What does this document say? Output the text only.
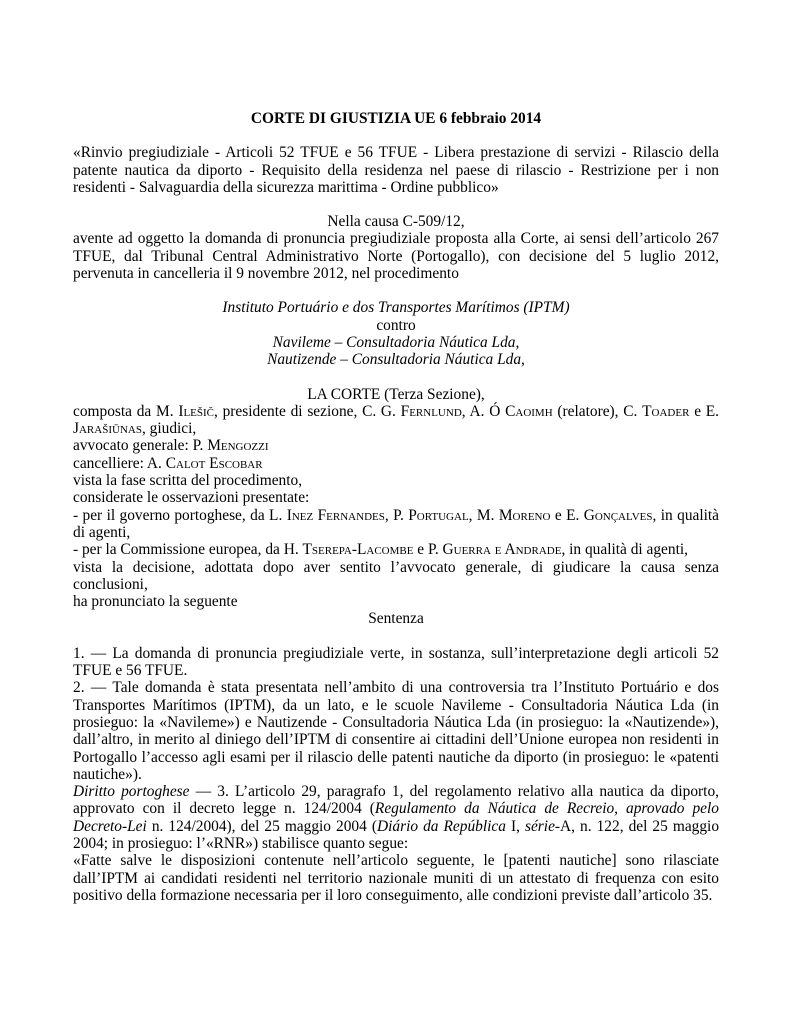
CORTE DI GIUSTIZIA UE 6 febbraio 2014

«Rinvio pregiudiziale - Articoli 52 TFUE e 56 TFUE - Libera prestazione di servizi - Rilascio della patente nautica da diporto - Requisito della residenza nel paese di rilascio - Restrizione per i non residenti - Salvaguardia della sicurezza marittima - Ordine pubblico»

Nella causa C‑509/12,

avente ad oggetto la domanda di pronuncia pregiudiziale proposta alla Corte, ai sensi dell’articolo 267 TFUE, dal Tribunal Central Administrativo Norte (Portogallo), con decisione del 5 luglio 2012, pervenuta in cancelleria il 9 novembre 2012, nel procedimento

Instituto Portuário e dos Transportes Marítimos (IPTM)

contro

Navileme – Consultadoria Náutica Lda,

Nautizende – Consultadoria Náutica Lda,

LA CORTE (Terza Sezione),

composta da M. Ilešič, presidente di sezione, C. G. Fernlund, A. Ó Caoimh (relatore), C. Toader e E. Jarašiūnas, giudici,

avvocato generale: P. Mengozzi

cancelliere: A. Calot Escobar

vista la fase scritta del procedimento,

considerate le osservazioni presentate:

- per il governo portoghese, da L. Inez Fernandes, P. Portugal, M. Moreno e E. Gonçalves, in qualità di agenti,

- per la Commissione europea, da H. Tserepa‑Lacombe e P. Guerra e Andrade, in qualità di agenti,

vista la decisione, adottata dopo aver sentito l’avvocato generale, di giudicare la causa senza conclusioni,

ha pronunciato la seguente

Sentenza

1. — La domanda di pronuncia pregiudiziale verte, in sostanza, sull’interpretazione degli articoli 52 TFUE e 56 TFUE.

2. — Tale domanda è stata presentata nell’ambito di una controversia tra l’Instituto Portuário e dos Transportes Marítimos (IPTM), da un lato, e le scuole Navileme - Consultadoria Náutica Lda (in prosieguo: la «Navileme») e Nautizende - Consultadoria Náutica Lda (in prosieguo: la «Nautizende»), dall’altro, in merito al diniego dell’IPTM di consentire ai cittadini dell’Unione europea non residenti in Portogallo l’accesso agli esami per il rilascio delle patenti nautiche da diporto (in prosieguo: le «patenti nautiche»).

Diritto portoghese — 3. L’articolo 29, paragrafo 1, del regolamento relativo alla nautica da diporto, approvato con il decreto legge n. 124/2004 (Regulamento da Náutica de Recreio, aprovado pelo Decreto-Lei n. 124/2004), del 25 maggio 2004 (Diário da República I, série-A, n. 122, del 25 maggio 2004; in prosieguo: l’«RNR») stabilisce quanto segue:

«Fatte salve le disposizioni contenute nell’articolo seguente, le [patenti nautiche] sono rilasciate dall’IPTM ai candidati residenti nel territorio nazionale muniti di un attestato di frequenza con esito positivo della formazione necessaria per il loro conseguimento, alle condizioni previste dall’articolo 35.
